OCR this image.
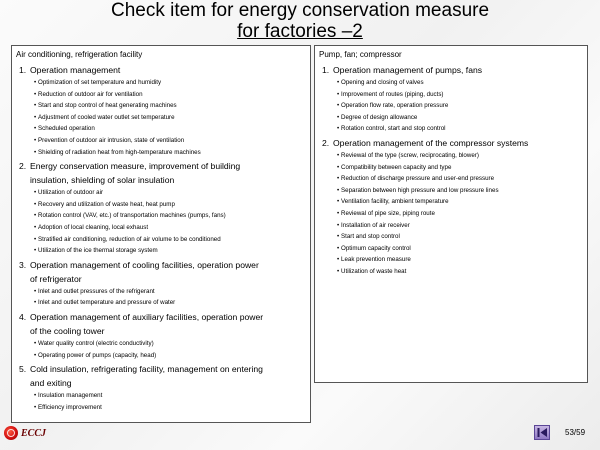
Check item for energy conservation measure
for factories –2
Air conditioning, refrigeration facility
1. Operation management
• Optimization of set temperature and humidity
• Reduction of outdoor air for ventilation
• Start and stop control of heat generating machines
• Adjustment of cooled water outlet set temperature
• Scheduled operation
• Prevention of outdoor air intrusion, state of ventilation
• Shielding of radiation heat from high-temperature machines
2. Energy conservation measure, improvement of building
insulation, shielding of solar insulation
• Utilization of outdoor air
• Recovery and utilization of waste heat, heat pump
• Rotation control (VAV, etc.) of transportation machines (pumps, fans)
• Adoption of local cleaning, local exhaust
• Stratified air conditioning, reduction of air volume to be conditioned
• Utilization of the ice thermal storage system
3. Operation management of cooling facilities, operation power
of refrigerator
• Inlet and outlet pressures of the refrigerant
• Inlet and outlet temperature and pressure of water
4. Operation management of auxiliary facilities, operation power
of the cooling tower
• Water quality control (electric conductivity)
• Operating power of pumps (capacity, head)
5. Cold insulation, refrigerating facility, management on entering
and exiting
• Insulation management
• Efficiency improvement
Pump, fan; compressor
1. Operation management of pumps, fans
• Opening and closing of valves
• Improvement of routes (piping, ducts)
• Operation flow rate, operation pressure
• Degree of design allowance
• Rotation control, start and stop control
2. Operation management of the compressor systems
• Reviewal of the type (screw, reciprocating, blower)
• Compatibility between capacity and type
• Reduction of discharge pressure and user-end pressure
• Separation between high pressure and low pressure lines
• Ventilation facility, ambient temperature
• Reviewal of pipe size, piping route
• Installation of air receiver
• Start and stop control
• Optimum capacity control
• Leak prevention measure
• Utilization of waste heat
ECCJ	53/59
